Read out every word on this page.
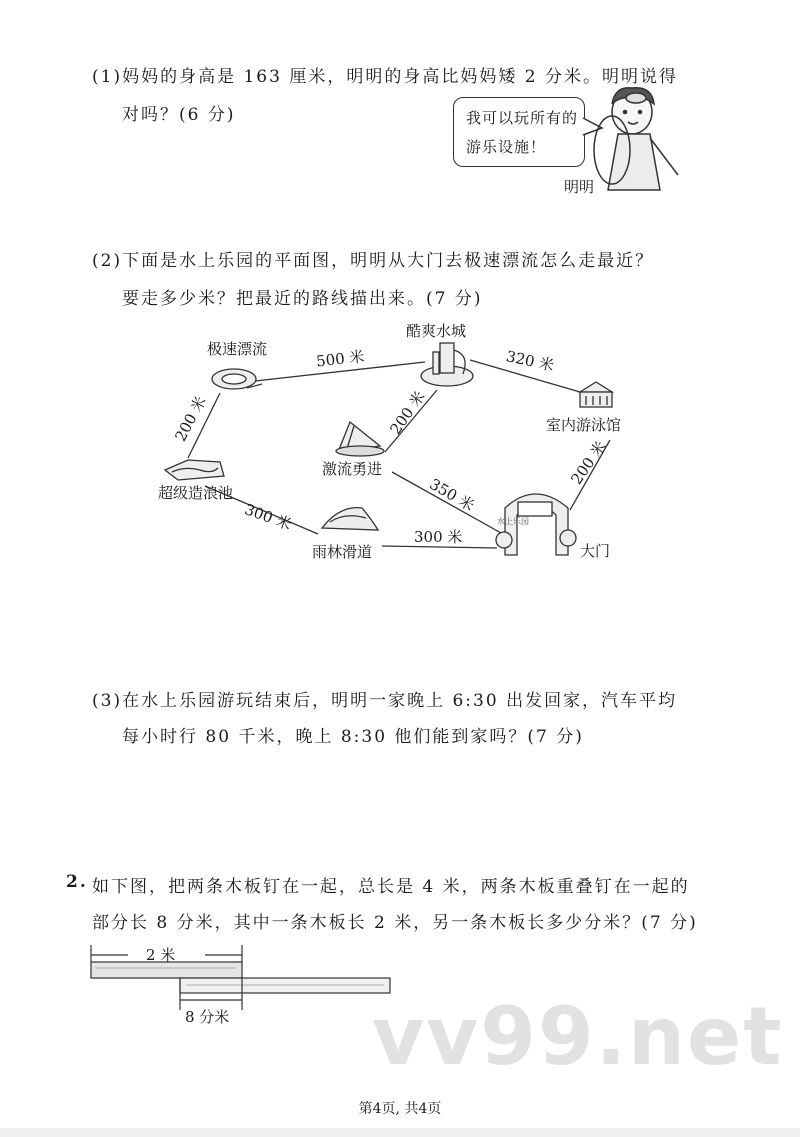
(1)妈妈的身高是 163 厘米，明明的身高比妈妈矮 2 分米。明明说得
对吗？(6 分)	我可以玩所有的
游乐设施！
明明
(2)下面是水上乐园的平面图，明明从大门去极速漂流怎么走最近？
要走多少米？把最近的路线描出来。(7 分)
极速漂流
酷爽水城
室内游泳馆
激流勇进
超级造浪池
雨林滑道	大门
水上乐园
500 米	320 米
200 米	200 米
200 米
350 米
300 米
300 米
(3)在水上乐园游玩结束后，明明一家晚上 6:30 出发回家，汽车平均
每小时行 80 千米，晚上 8:30 他们能到家吗？(7 分)
2. 如下图，把两条木板钉在一起，总长是 4 米，两条木板重叠钉在一起的
部分长 8 分米，其中一条木板长 2 米，另一条木板长多少分米？(7 分)
2 米
8 分米 vv99.net
第4页, 共4页
